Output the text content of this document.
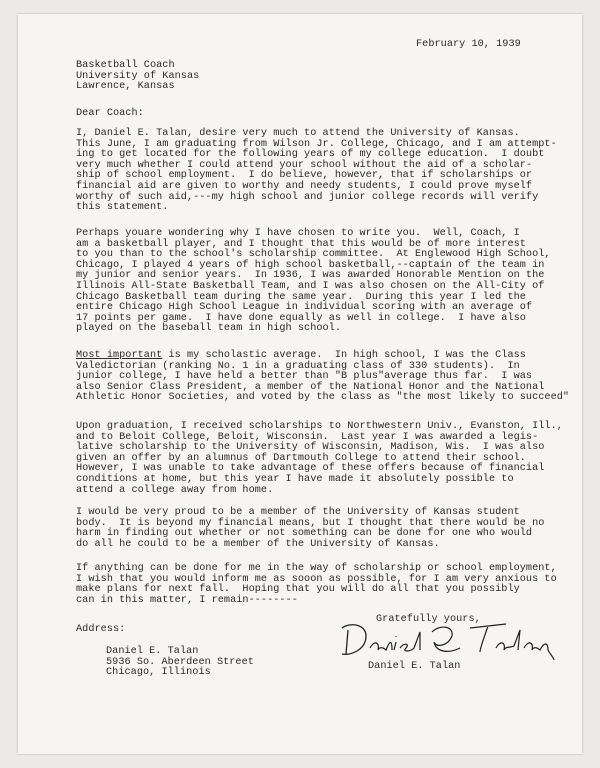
February 10, 1939
Basketball Coach
University of Kansas
Lawrence, Kansas
Dear Coach:
I, Daniel E. Talan, desire very much to attend the University of Kansas.
This June, I am graduating from Wilson Jr. College, Chicago, and I am attempt-
ing to get located for the following years of my college education.  I doubt
very much whether I could attend your school without the aid of a scholar-
ship of school employment.  I do believe, however, that if scholarships or
financial aid are given to worthy and needy students, I could prove myself
worthy of such aid,---my high school and junior college records will verify
this statement.
Perhaps youare wondering why I have chosen to write you.  Well, Coach, I
am a basketball player, and I thought that this would be of more interest
to you than to the school's scholarship committee.  At Englewood High School,
Chicago, I played 4 years of high school basketball,--captain of the team in
my junior and senior years.  In 1936, I was awarded Honorable Mention on the
Illinois All-State Basketball Team, and I was also chosen on the All-City of
Chicago Basketball team during the same year.  During this year I led the
entire Chicago High School League in individual scoring with an average of
17 points per game.  I have done equally as well in college.  I have also
played on the baseball team in high school.
Most important is my scholastic average.  In high school, I was the Class
Valedictorian (ranking No. 1 in a graduating class of 330 students).  In
junior college, I have held a better than "B plus"average thus far.  I was
also Senior Class President, a member of the National Honor and the National
Athletic Honor Societies, and voted by the class as "the most likely to succeed"
Upon graduation, I received scholarships to Northwestern Univ., Evanston, Ill.,
and to Beloit College, Beloit, Wisconsin.  Last year I was awarded a legis-
lative scholarship to the University of Wisconsin, Madison, Wis.  I was also
given an offer by an alumnus of Dartmouth College to attend their school.
However, I was unable to take advantage of these offers because of financial
conditions at home, but this year I have made it absolutely possible to
attend a college away from home.
I would be very proud to be a member of the University of Kansas student
body.  It is beyond my financial means, but I thought that there would be no
harm in finding out whether or not something can be done for one who would
do all he could to be a member of the University of Kansas.
If anything can be done for me in the way of scholarship or school employment,
I wish that you would inform me as sooon as possible, for I am very anxious to
make plans for next fall.  Hoping that you will do all that you possibly
can in this matter, I remain--------
Gratefully yours,
Address:
Daniel E. Talan
5936 So. Aberdeen Street
Chicago, Illinois
Daniel E. Talan
